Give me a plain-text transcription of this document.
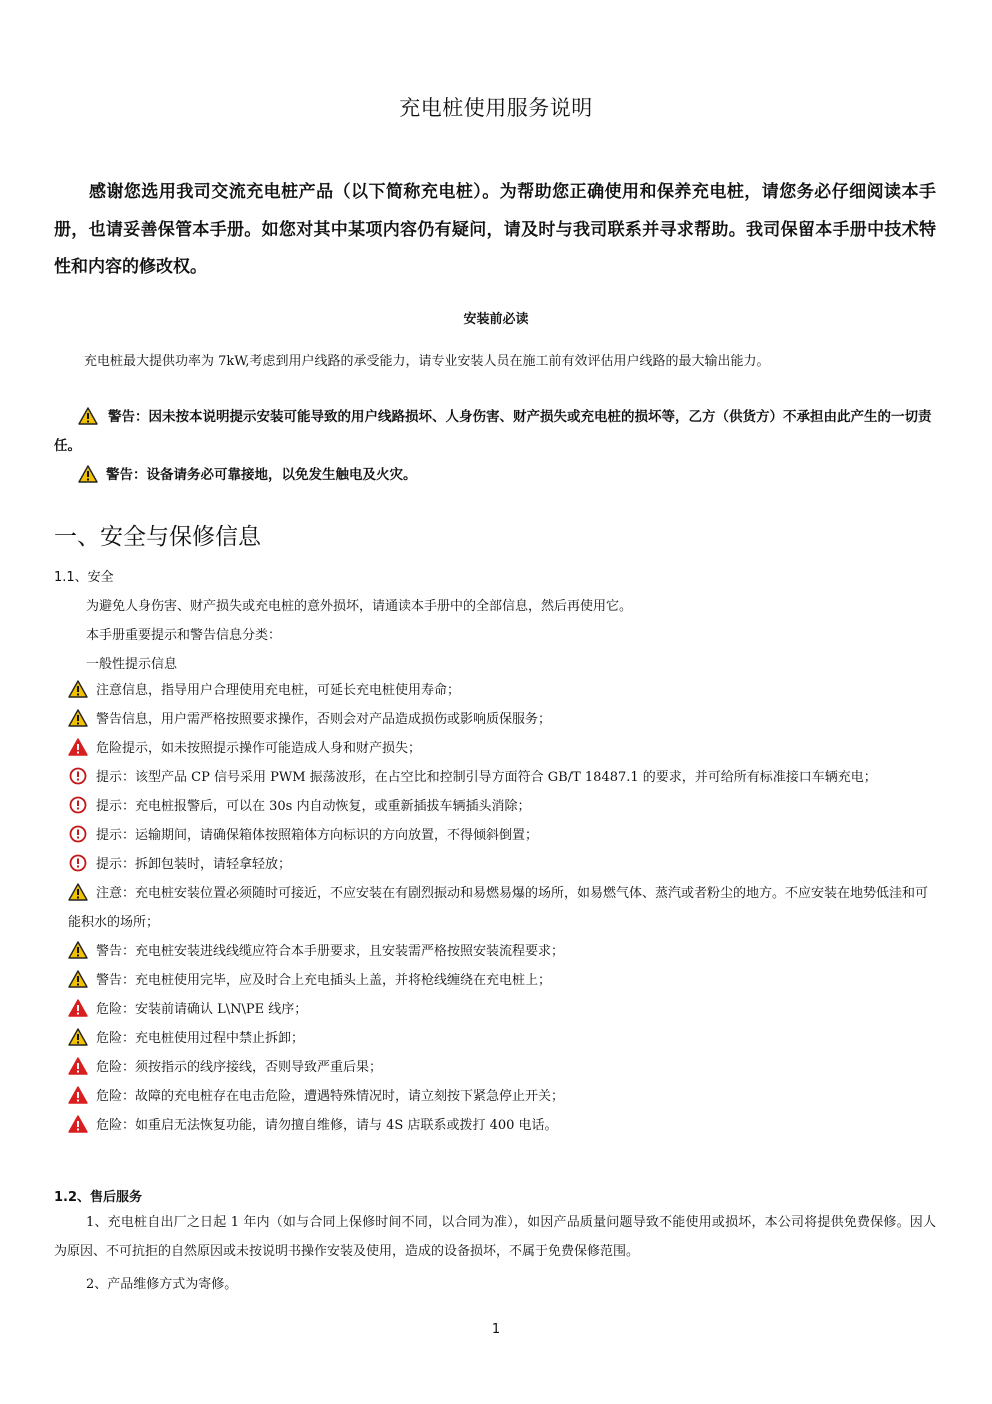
充电桩使用服务说明
感谢您选用我司交流充电桩产品（以下简称充电桩）。为帮助您正确使用和保养充电桩，请您务必仔细阅读本手册，也请妥善保管本手册。如您对其中某项内容仍有疑问，请及时与我司联系并寻求帮助。我司保留本手册中技术特性和内容的修改权。
安装前必读
充电桩最大提供功率为 7kW,考虑到用户线路的承受能力，请专业安装人员在施工前有效评估用户线路的最大输出能力。
警告：因未按本说明提示安装可能导致的用户线路损坏、人身伤害、财产损失或充电桩的损坏等，乙方（供货方）不承担由此产生的一切责任。
警告：设备请务必可靠接地，以免发生触电及火灾。
一、安全与保修信息
1.1、安全
为避免人身伤害、财产损失或充电桩的意外损坏，请通读本手册中的全部信息，然后再使用它。
本手册重要提示和警告信息分类：
一般性提示信息
注意信息，指导用户合理使用充电桩，可延长充电桩使用寿命；
警告信息，用户需严格按照要求操作，否则会对产品造成损伤或影响质保服务；
危险提示，如未按照提示操作可能造成人身和财产损失；
提示：该型产品 CP 信号采用 PWM 振荡波形，在占空比和控制引导方面符合 GB/T 18487.1 的要求，并可给所有标准接口车辆充电；
提示：充电桩报警后，可以在 30s 内自动恢复，或重新插拔车辆插头消除；
提示：运输期间，请确保箱体按照箱体方向标识的方向放置，不得倾斜倒置；
提示：拆卸包装时，请轻拿轻放；
注意：充电桩安装位置必须随时可接近，不应安装在有剧烈振动和易燃易爆的场所，如易燃气体、蒸汽或者粉尘的地方。不应安装在地势低洼和可能积水的场所；
警告：充电桩安装进线线缆应符合本手册要求，且安装需严格按照安装流程要求；
警告：充电桩使用完毕，应及时合上充电插头上盖，并将枪线缠绕在充电桩上；
危险：安装前请确认 L\N\PE 线序；
危险：充电桩使用过程中禁止拆卸；
危险：须按指示的线序接线，否则导致严重后果；
危险：故障的充电桩存在电击危险，遭遇特殊情况时，请立刻按下紧急停止开关；
危险：如重启无法恢复功能，请勿擅自维修，请与 4S 店联系或拨打 400 电话。
1.2、售后服务
1、充电桩自出厂之日起 1 年内（如与合同上保修时间不同，以合同为准），如因产品质量问题导致不能使用或损坏，本公司将提供免费保修。因人为原因、不可抗拒的自然原因或未按说明书操作安装及使用，造成的设备损坏，不属于免费保修范围。
2、产品维修方式为寄修。
1
